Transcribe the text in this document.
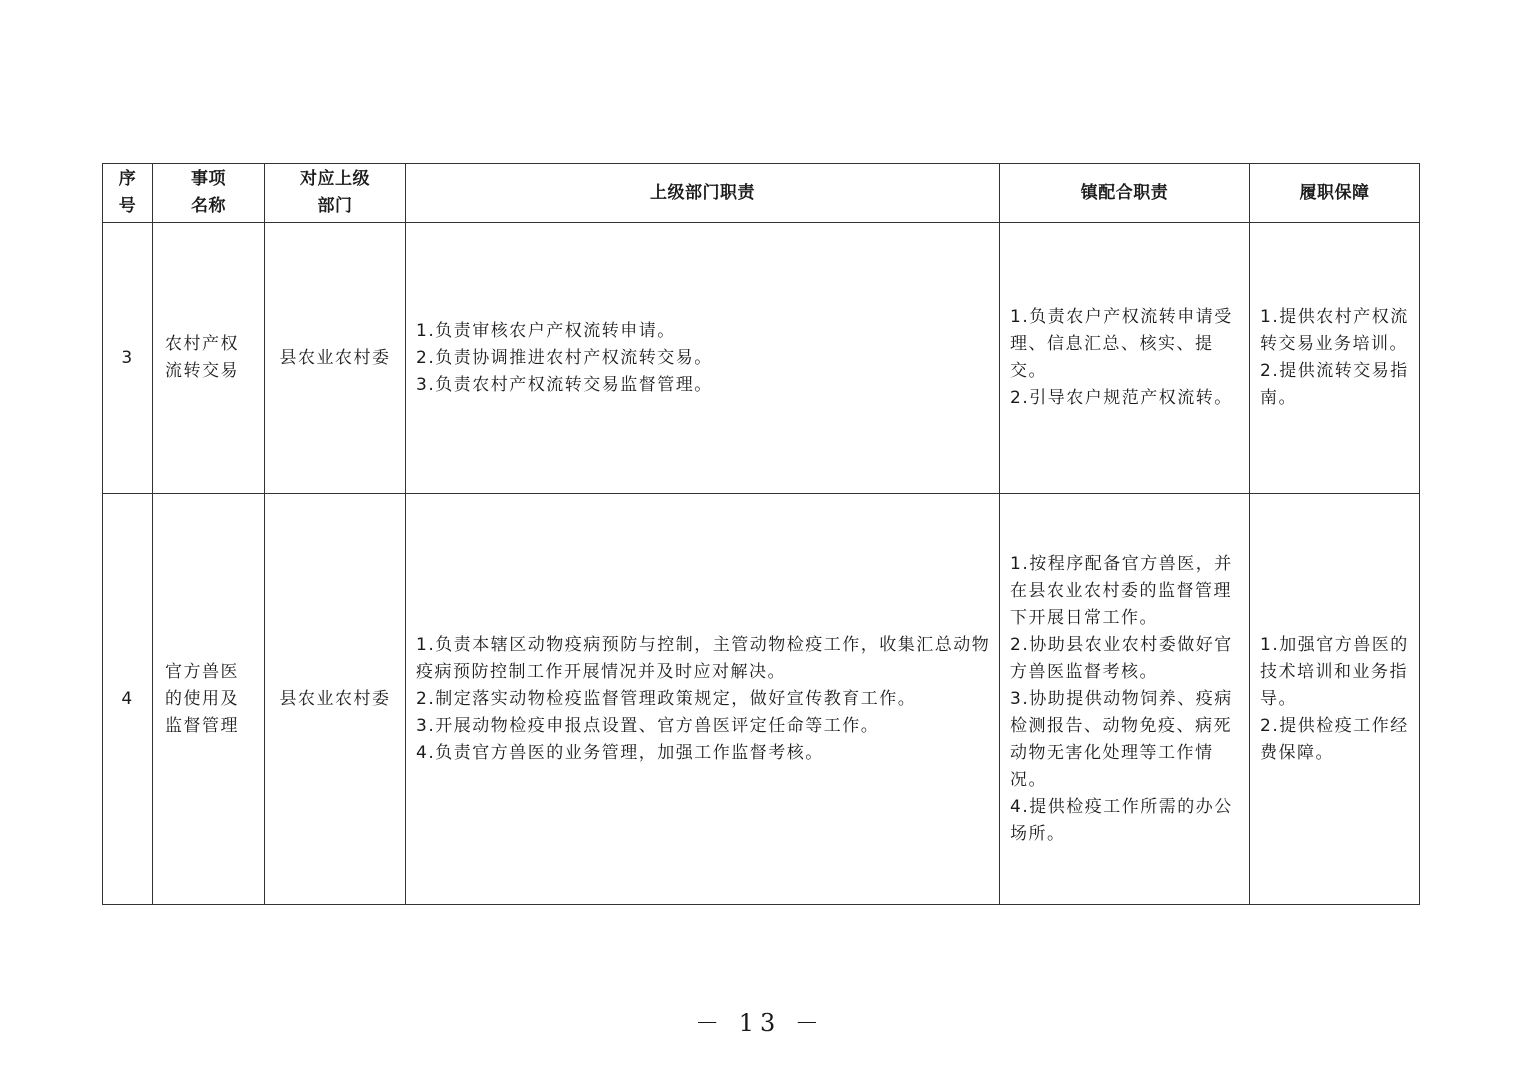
序
号	事项
名称	对应上级
部门	上级部门职责	镇配合职责	履职保障

3	农村产权
流转交易	县农业农村委	1.负责审核农户产权流转申请。
2.负责协调推进农村产权流转交易。
3.负责农村产权流转交易监督管理。	1.负责农户产权流转申请受理、信息汇总、核实、提交。
2.引导农户规范产权流转。	1.提供农村产权流转交易业务培训。
2.提供流转交易指南。

4	官方兽医
的使用及
监督管理	县农业农村委	1.负责本辖区动物疫病预防与控制，主管动物检疫工作，收集汇总动物疫病预防控制工作开展情况并及时应对解决。
2.制定落实动物检疫监督管理政策规定，做好宣传教育工作。
3.开展动物检疫申报点设置、官方兽医评定任命等工作。
4.负责官方兽医的业务管理，加强工作监督考核。	1.按程序配备官方兽医，并在县农业农村委的监督管理下开展日常工作。
2.协助县农业农村委做好官方兽医监督考核。
3.协助提供动物饲养、疫病检测报告、动物免疫、病死动物无害化处理等工作情况。
4.提供检疫工作所需的办公场所。	1.加强官方兽医的技术培训和业务指导。
2.提供检疫工作经费保障。
－ 13 －
